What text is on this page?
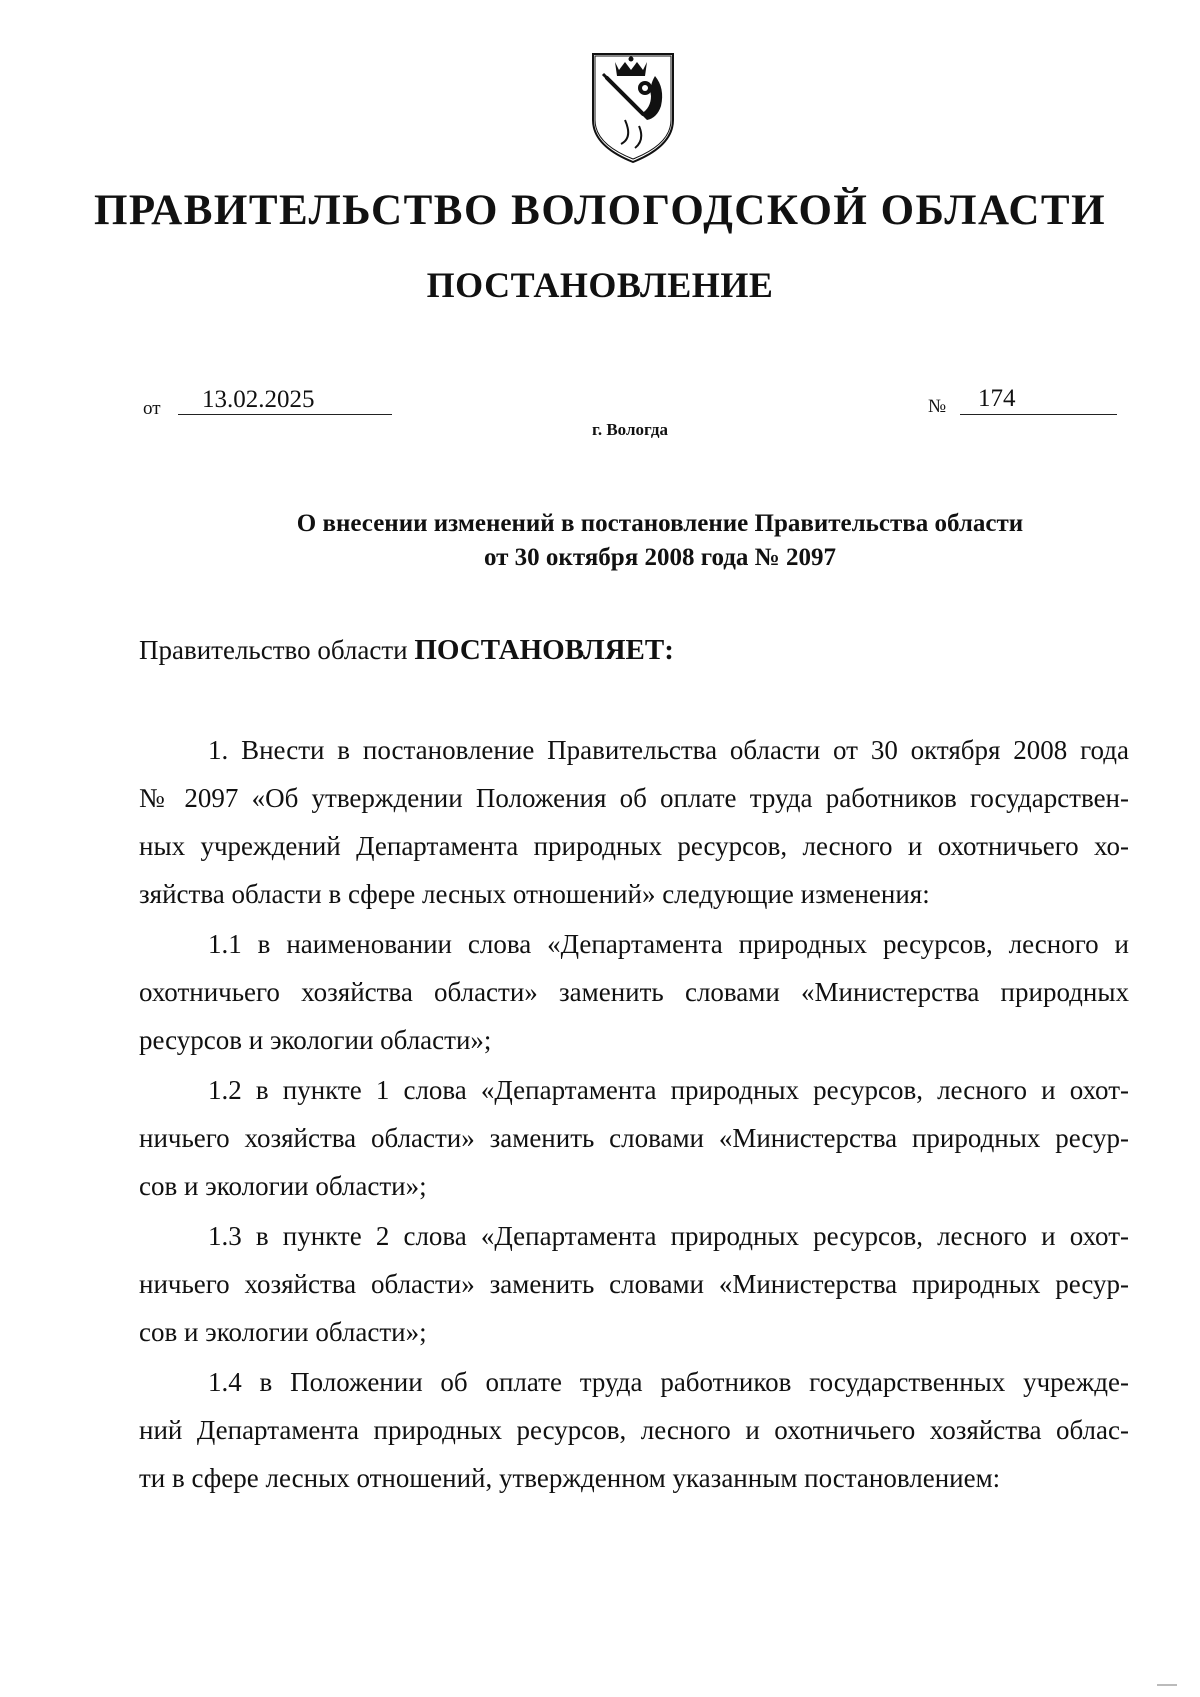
ПРАВИТЕЛЬСТВО ВОЛОГОДСКОЙ ОБЛАСТИ
ПОСТАНОВЛЕНИЕ
от 13.02.2025	№ 174
г. Вологда
О внесении изменений в постановление Правительства области
от 30 октября 2008 года № 2097
Правительство области ПОСТАНОВЛЯЕТ:
1. Внести в постановление Правительства области от 30 октября 2008 года
№ 2097 «Об утверждении Положения об оплате труда работников государствен-
ных учреждений Департамента природных ресурсов, лесного и охотничьего хо-
зяйства области в сфере лесных отношений» следующие изменения:
1.1 в наименовании слова «Департамента природных ресурсов, лесного и
охотничьего хозяйства области» заменить словами «Министерства природных
ресурсов и экологии области»;
1.2 в пункте 1 слова «Департамента природных ресурсов, лесного и охот-
ничьего хозяйства области» заменить словами «Министерства природных ресур-
сов и экологии области»;
1.3 в пункте 2 слова «Департамента природных ресурсов, лесного и охот-
ничьего хозяйства области» заменить словами «Министерства природных ресур-
сов и экологии области»;
1.4 в Положении об оплате труда работников государственных учрежде-
ний Департамента природных ресурсов, лесного и охотничьего хозяйства облас-
ти в сфере лесных отношений, утвержденном указанным постановлением:
